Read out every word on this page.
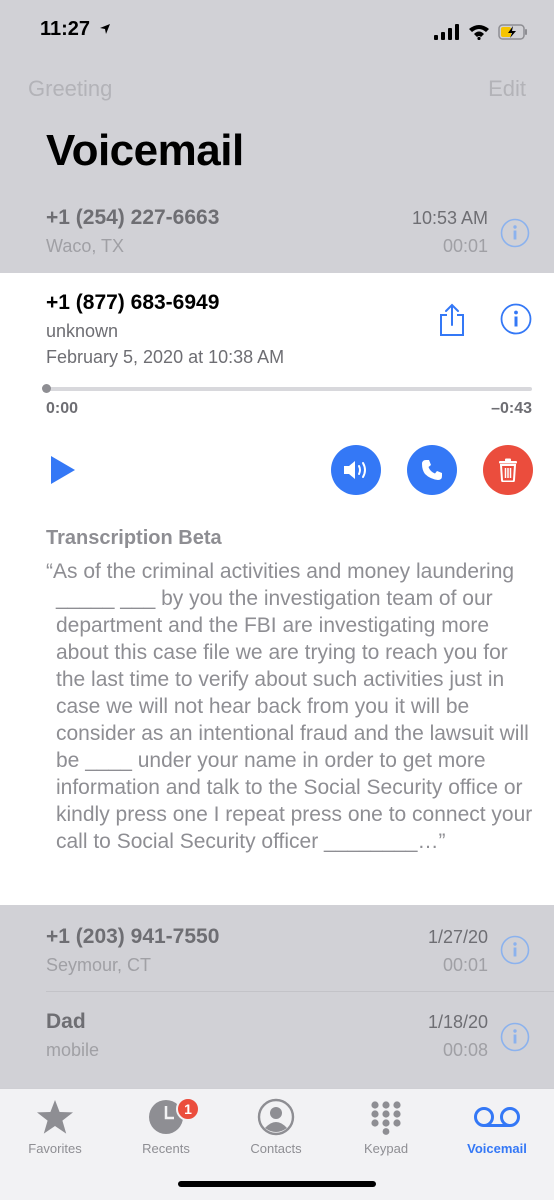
11:27
Greeting	Edit
Voicemail
+1 (254) 227-6663
Waco, TX
10:53 AM
00:01
+1 (877) 683-6949
unknown
February 5, 2020 at 10:38 AM
0:00	–0:43
Transcription Beta
“As of the criminal activities and money laundering _____ ___ by you the investigation team of our department and the FBI are investigating more about this case file we are trying to reach you for the last time to verify about such activities just in case we will not hear back from you it will be consider as an intentional fraud and the lawsuit will be ____ under your name in order to get more information and talk to the Social Security office or kindly press one I repeat press one to connect your call to Social Security officer ________…”
+1 (203) 941-7550
Seymour, CT
1/27/20
00:01
Dad
mobile
1/18/20
00:08
Favorites
1
Recents	Contacts	Keypad	Voicemail
